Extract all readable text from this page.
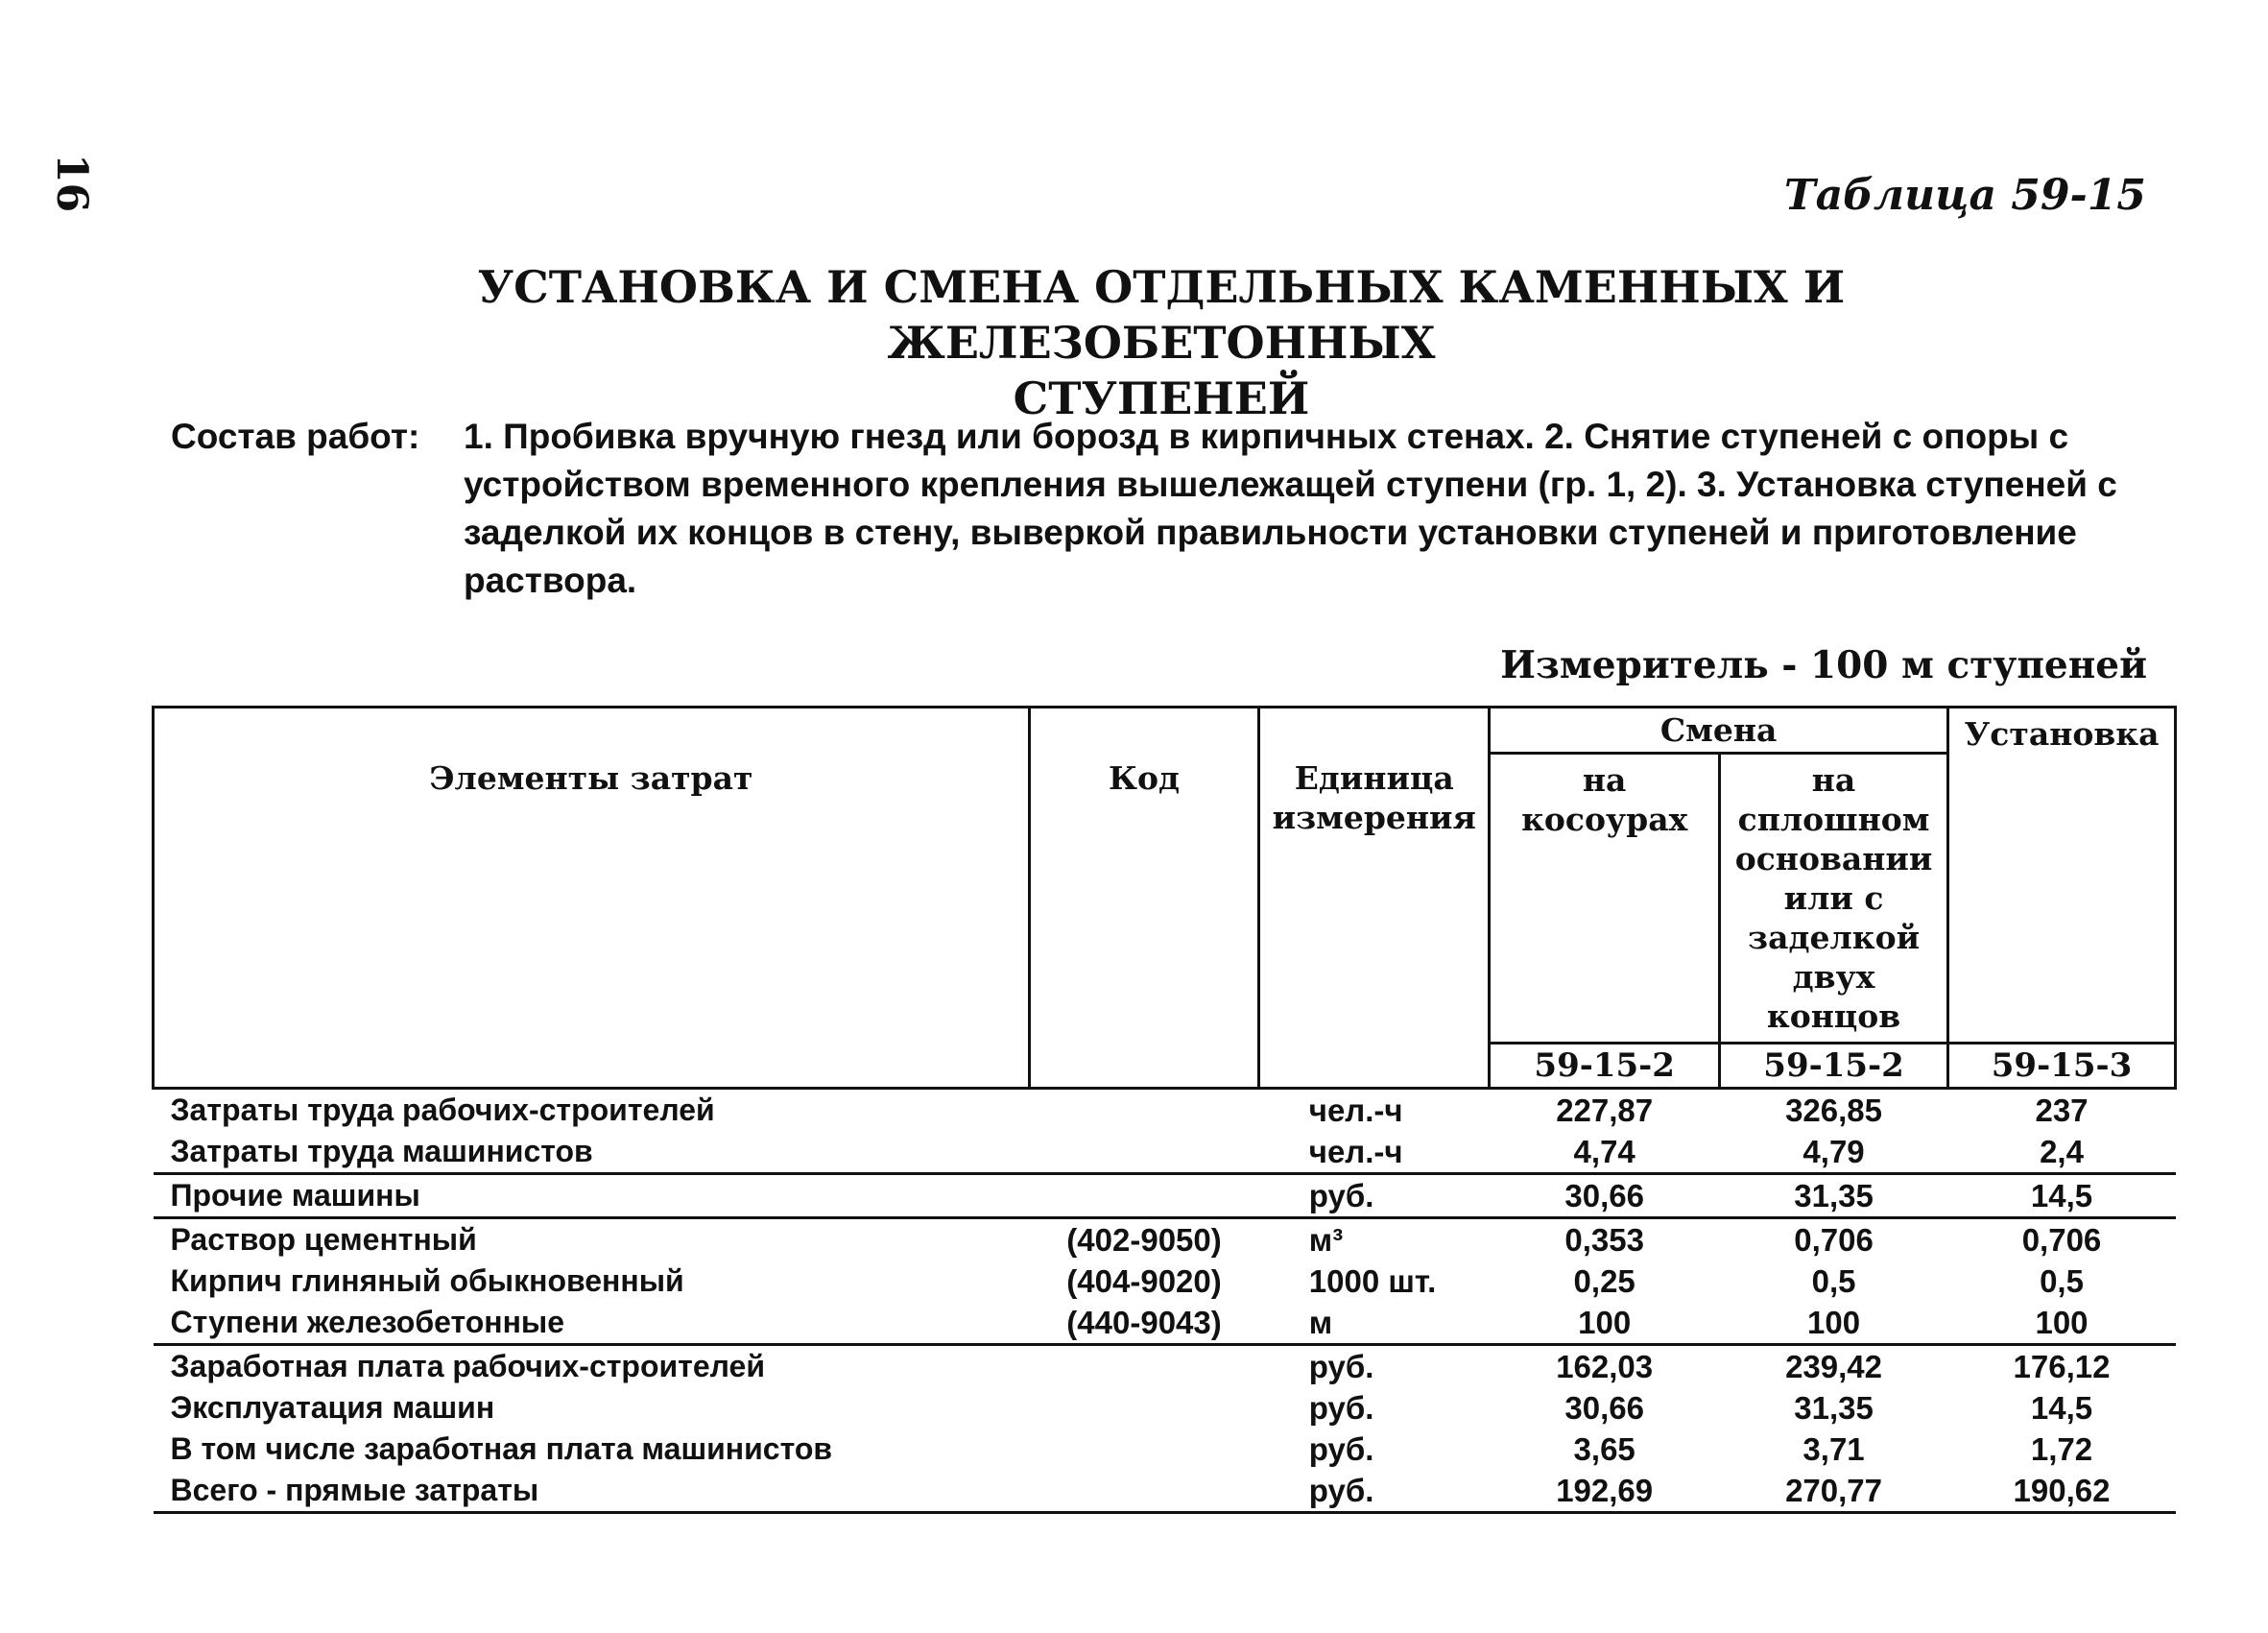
16	Таблица 59-15
УСТАНОВКА И СМЕНА ОТДЕЛЬНЫХ КАМЕННЫХ И ЖЕЛЕЗОБЕТОННЫХ
СТУПЕНЕЙ
Состав работ: 1. Пробивка вручную гнезд или борозд в кирпичных стенах. 2. Снятие ступеней с опоры с устройством временного крепления вышележащей ступени (гр. 1, 2). 3. Установка ступеней с заделкой их концов в стену, выверкой правильности установки ступеней и приготовление раствора.
Измеритель - 100 м ступеней
Элементы затрат	Код	Единица измерения	Смена		Установка
			на косоурах	на сплошном основании или с заделкой двух концов	
			59-15-2	59-15-2	59-15-3
Затраты труда рабочих-строителей		чел.-ч	227,87	326,85	237
Затраты труда машинистов		чел.-ч	4,74	4,79	2,4
Прочие машины		руб.	30,66	31,35	14,5
Раствор цементный	(402-9050)	м³	0,353	0,706	0,706
Кирпич глиняный обыкновенный	(404-9020)	1000 шт.	0,25	0,5	0,5
Ступени железобетонные	(440-9043)	м	100	100	100
Заработная плата рабочих-строителей		руб.	162,03	239,42	176,12
Эксплуатация машин		руб.	30,66	31,35	14,5
В том числе заработная плата машинистов		руб.	3,65	3,71	1,72
Всего - прямые затраты		руб.	192,69	270,77	190,62
